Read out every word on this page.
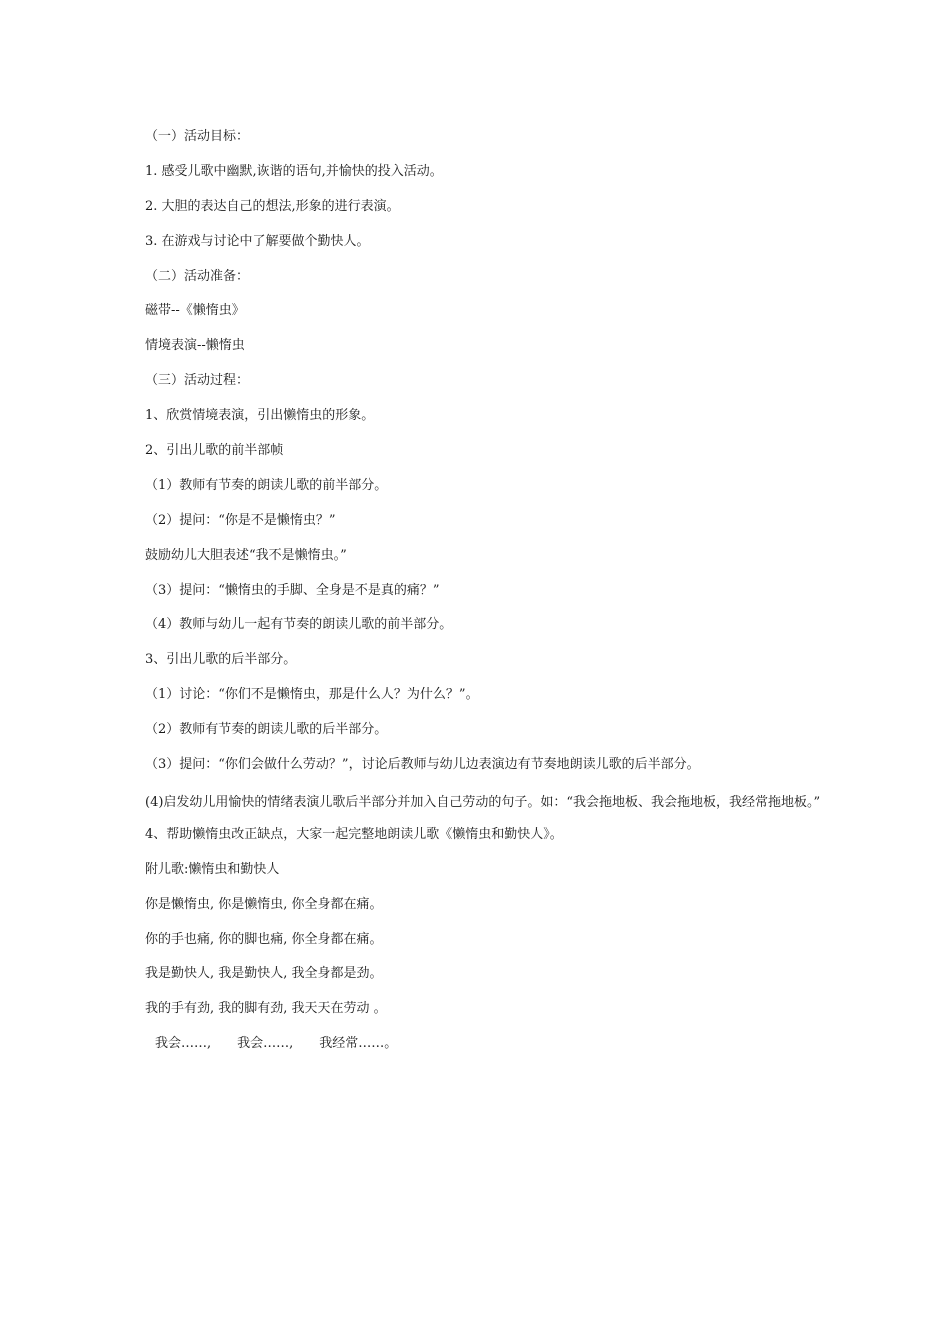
（一）活动目标：
1. 感受儿歌中幽默,诙谐的语句,并愉快的投入活动。
2. 大胆的表达自己的想法,形象的进行表演。
3. 在游戏与讨论中了解要做个勤快人。
（二）活动准备：
磁带--《懒惰虫》
情境表演--懒惰虫
（三）活动过程：
1、欣赏情境表演，引出懒惰虫的形象。
2、引出儿歌的前半部帧
（1）教师有节奏的朗读儿歌的前半部分。
（2）提问：“你是不是懒惰虫？”
鼓励幼儿大胆表述“我不是懒惰虫。”
（3）提问：“懒惰虫的手脚、全身是不是真的痛？”
（4）教师与幼儿一起有节奏的朗读儿歌的前半部分。
3、引出儿歌的后半部分。
（1）讨论：“你们不是懒惰虫，那是什么人？为什么？”。
（2）教师有节奏的朗读儿歌的后半部分。
（3）提问：“你们会做什么劳动？”，讨论后教师与幼儿边表演边有节奏地朗读儿歌的后半部分。
(4)启发幼儿用愉快的情绪表演儿歌后半部分并加入自己劳动的句子。如：“我会拖地板、我会拖地板，我经常拖地板。”
4、帮助懒惰虫改正缺点，大家一起完整地朗读儿歌《懒惰虫和勤快人》。
附儿歌:懒惰虫和勤快人
你是懒惰虫, 你是懒惰虫, 你全身都在痛。
你的手也痛, 你的脚也痛, 你全身都在痛。
我是勤快人, 我是勤快人, 我全身都是劲。
我的手有劲, 我的脚有劲, 我天天在劳动 。
我会……,　　我会……,　　我经常……。
